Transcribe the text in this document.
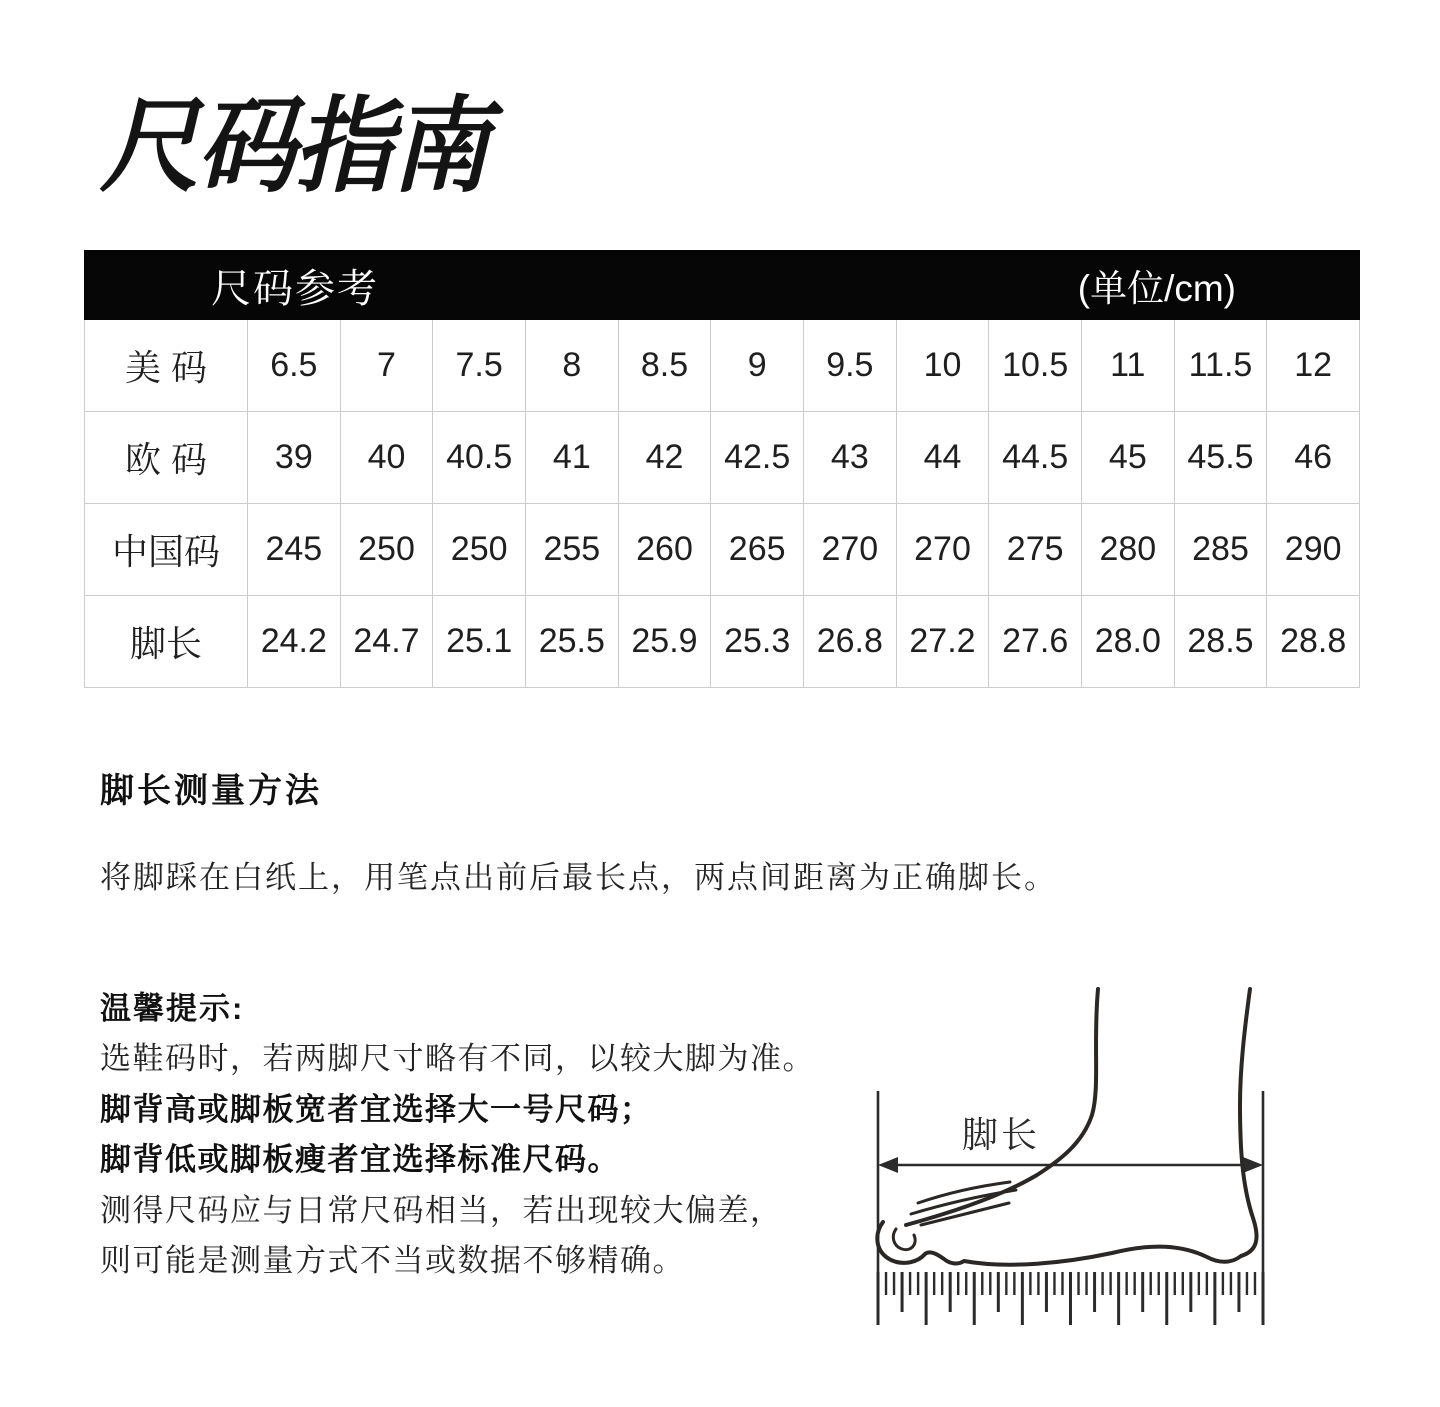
尺码指南
尺码参考	(单位/cm)
美 码	6.5	7	7.5	8	8.5	9	9.5	10	10.5	11	11.5	12
欧 码	39	40	40.5	41	42	42.5	43	44	44.5	45	45.5	46
中国码	245	250	250	255	260	265	270	270	275	280	285	290
脚长	24.2 24.7 25.1 25.5 25.9 25.3 26.8 27.2 27.6 28.0 28.5 28.8
脚长测量方法

将脚踩在白纸上，用笔点出前后最长点，两点间距离为正确脚长。

温馨提示:
选鞋码时，若两脚尺寸略有不同，以较大脚为准。
脚背高或脚板宽者宜选择大一号尺码；
脚背低或脚板瘦者宜选择标准尺码。
测得尺码应与日常尺码相当，若出现较大偏差，
则可能是测量方式不当或数据不够精确。
脚长
